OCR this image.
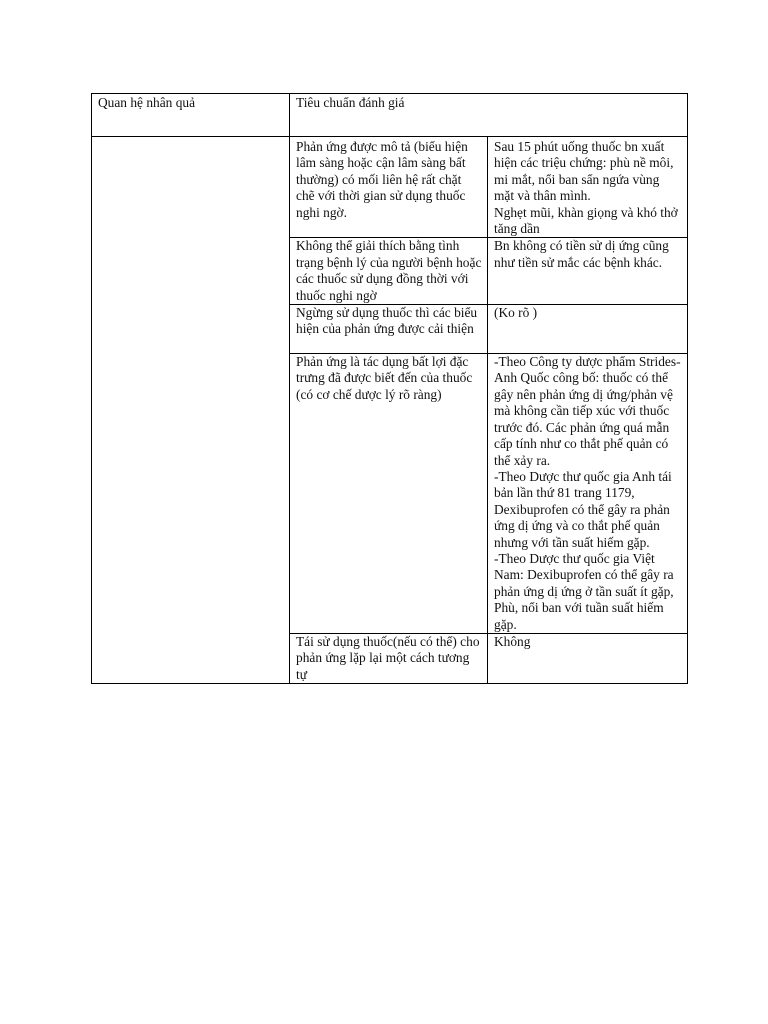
Quan hệ nhân quả	Tiêu chuẩn đánh giá	

	Phản ứng được mô tả (biểu hiện lâm sàng hoặc cận lâm sàng bất thường) có mối liên hệ rất chặt chẽ với thời gian sử dụng thuốc nghi ngờ.	Sau 15 phút uống thuốc bn xuất hiện các triệu chứng: phù nề môi, mi mắt, nổi ban sẩn ngứa vùng mặt và thân mình.
Nghẹt mũi, khàn giọng và khó thở tăng dần

	Không thể giải thích bằng tình trạng bệnh lý của người bệnh hoặc các thuốc sử dụng đồng thời với thuốc nghi ngờ	Bn không có tiền sử dị ứng cũng như tiền sử mắc các bệnh khác.

	Ngừng sử dụng thuốc thì các biểu hiện của phản ứng được cải thiện	(Ko rõ )

	Phản ứng là tác dụng bất lợi đặc trưng đã được biết đến của thuốc (có cơ chế dược lý rõ ràng)	-Theo Công ty dược phẩm Strides-Anh Quốc công bố: thuốc có thể gây nên phản ứng dị ứng/phản vệ mà không cần tiếp xúc với thuốc trước đó. Các phản ứng quá mẫn cấp tính như co thắt phế quản có thể xảy ra.
-Theo Dược thư quốc gia Anh tái bản lần thứ 81 trang 1179, Dexibuprofen có thể gây ra phản ứng dị ứng và co thắt phế quản nhưng với tần suất hiếm gặp.
-Theo Dược thư quốc gia Việt Nam: Dexibuprofen có thể gây ra phản ứng dị ứng ở tần suất ít gặp, Phù, nổi ban với tuần suất hiếm gặp.

	Tái sử dụng thuốc(nếu có thể) cho phản ứng lặp lại một cách tương tự	Không
